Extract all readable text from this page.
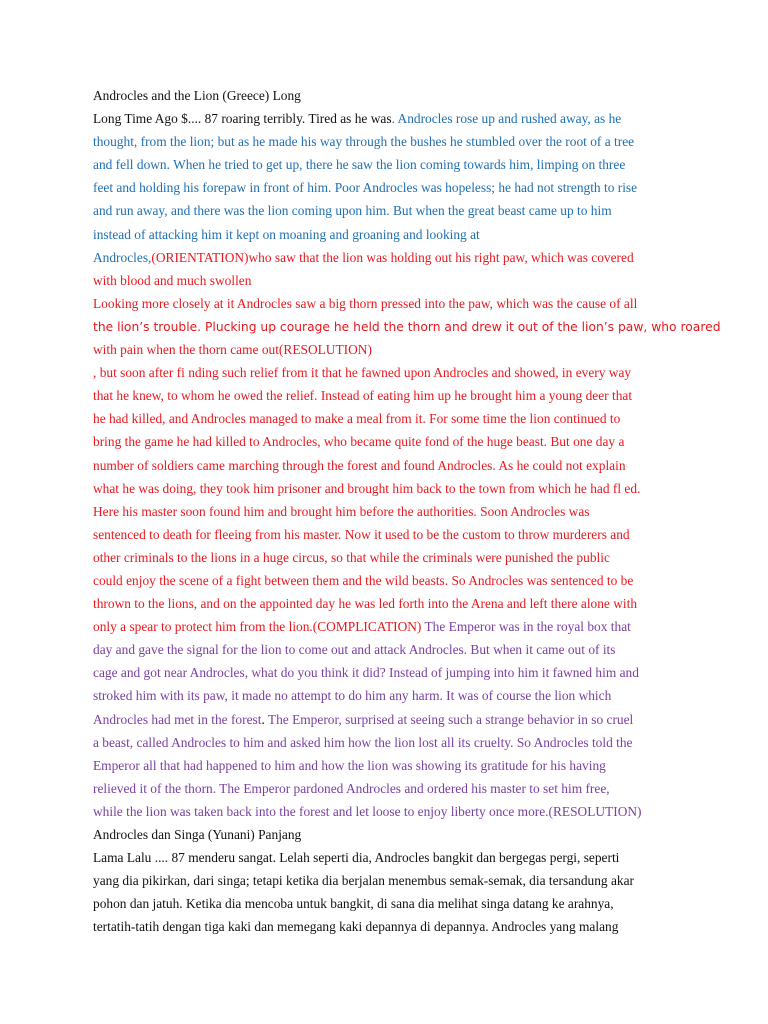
Androcles and the Lion (Greece) Long
Long Time Ago $.... 87 roaring terribly. Tired as he was. Androcles rose up and rushed away, as he
thought, from the lion; but as he made his way through the bushes he stumbled over the root of a tree
and fell down. When he tried to get up, there he saw the lion coming towards him, limping on three
feet and holding his forepaw in front of him. Poor Androcles was hopeless; he had not strength to rise
and run away, and there was the lion coming upon him. But when the great beast came up to him
instead of attacking him it kept on moaning and groaning and looking at
Androcles,(ORIENTATION)who saw that the lion was holding out his right paw, which was covered
with blood and much swollen
Looking more closely at it Androcles saw a big thorn pressed into the paw, which was the cause of all
the lion’s trouble. Plucking up courage he held the thorn and drew it out of the lion’s paw, who roared
with pain when the thorn came out(RESOLUTION)
, but soon after fi nding such relief from it that he fawned upon Androcles and showed, in every way
that he knew, to whom he owed the relief. Instead of eating him up he brought him a young deer that
he had killed, and Androcles managed to make a meal from it. For some time the lion continued to
bring the game he had killed to Androcles, who became quite fond of the huge beast. But one day a
number of soldiers came marching through the forest and found Androcles. As he could not explain
what he was doing, they took him prisoner and brought him back to the town from which he had fl ed.
Here his master soon found him and brought him before the authorities. Soon Androcles was
sentenced to death for fleeing from his master. Now it used to be the custom to throw murderers and
other criminals to the lions in a huge circus, so that while the criminals were punished the public
could enjoy the scene of a fight between them and the wild beasts. So Androcles was sentenced to be
thrown to the lions, and on the appointed day he was led forth into the Arena and left there alone with
only a spear to protect him from the lion.(COMPLICATION) The Emperor was in the royal box that
day and gave the signal for the lion to come out and attack Androcles. But when it came out of its
cage and got near Androcles, what do you think it did? Instead of jumping into him it fawned him and
stroked him with its paw, it made no attempt to do him any harm. It was of course the lion which
Androcles had met in the forest. The Emperor, surprised at seeing such a strange behavior in so cruel
a beast, called Androcles to him and asked him how the lion lost all its cruelty. So Androcles told the
Emperor all that had happened to him and how the lion was showing its gratitude for his having
relieved it of the thorn. The Emperor pardoned Androcles and ordered his master to set him free,
while the lion was taken back into the forest and let loose to enjoy liberty once more.(RESOLUTION)
Androcles dan Singa (Yunani) Panjang
Lama Lalu .... 87 menderu sangat. Lelah seperti dia, Androcles bangkit dan bergegas pergi, seperti
yang dia pikirkan, dari singa; tetapi ketika dia berjalan menembus semak-semak, dia tersandung akar
pohon dan jatuh. Ketika dia mencoba untuk bangkit, di sana dia melihat singa datang ke arahnya,
tertatih-tatih dengan tiga kaki dan memegang kaki depannya di depannya. Androcles yang malang
